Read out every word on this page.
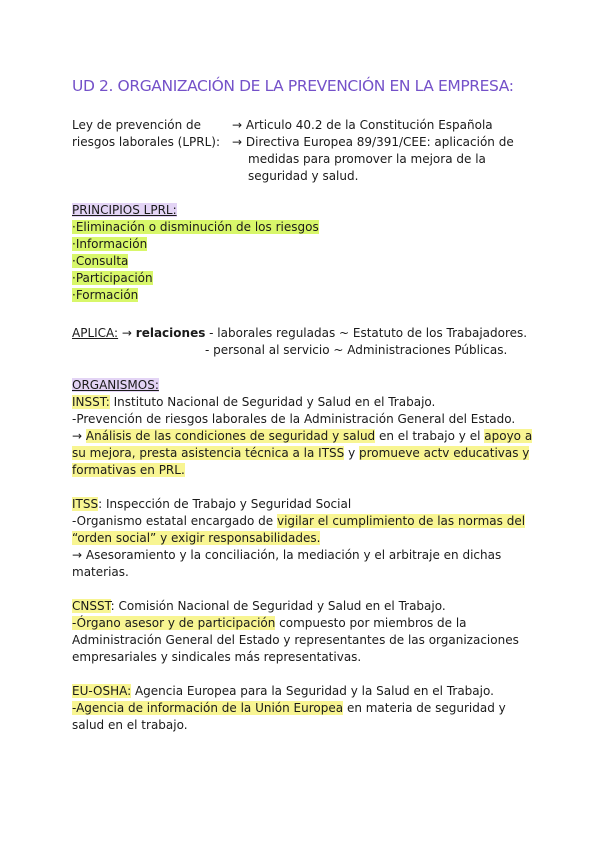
UD 2. ORGANIZACIÓN DE LA PREVENCIÓN EN LA EMPRESA:
Ley de prevención de
riesgos laborales (LPRL):
→ Articulo 40.2 de la Constitución Española
→ Directiva Europea 89/391/CEE: aplicación de
medidas para promover la mejora de la
seguridad y salud.
PRINCIPIOS LPRL:
·Eliminación o disminución de los riesgos
·Información
·Consulta
·Participación
·Formación
APLICA: → relaciones - laborales reguladas ~ Estatuto de los Trabajadores.
- personal al servicio ~ Administraciones Públicas.
ORGANISMOS:
INSST: Instituto Nacional de Seguridad y Salud en el Trabajo.
-Prevención de riesgos laborales de la Administración General del Estado.
→ Análisis de las condiciones de seguridad y salud en el trabajo y el apoyo a
su mejora, presta asistencia técnica a la ITSS y promueve actv educativas y
formativas en PRL.
ITSS: Inspección de Trabajo y Seguridad Social
-Organismo estatal encargado de vigilar el cumplimiento de las normas del
“orden social” y exigir responsabilidades.
→ Asesoramiento y la conciliación, la mediación y el arbitraje en dichas
materias.
CNSST: Comisión Nacional de Seguridad y Salud en el Trabajo.
-Órgano asesor y de participación compuesto por miembros de la
Administración General del Estado y representantes de las organizaciones
empresariales y sindicales más representativas.
EU-OSHA: Agencia Europea para la Seguridad y la Salud en el Trabajo.
-Agencia de información de la Unión Europea en materia de seguridad y
salud en el trabajo.
